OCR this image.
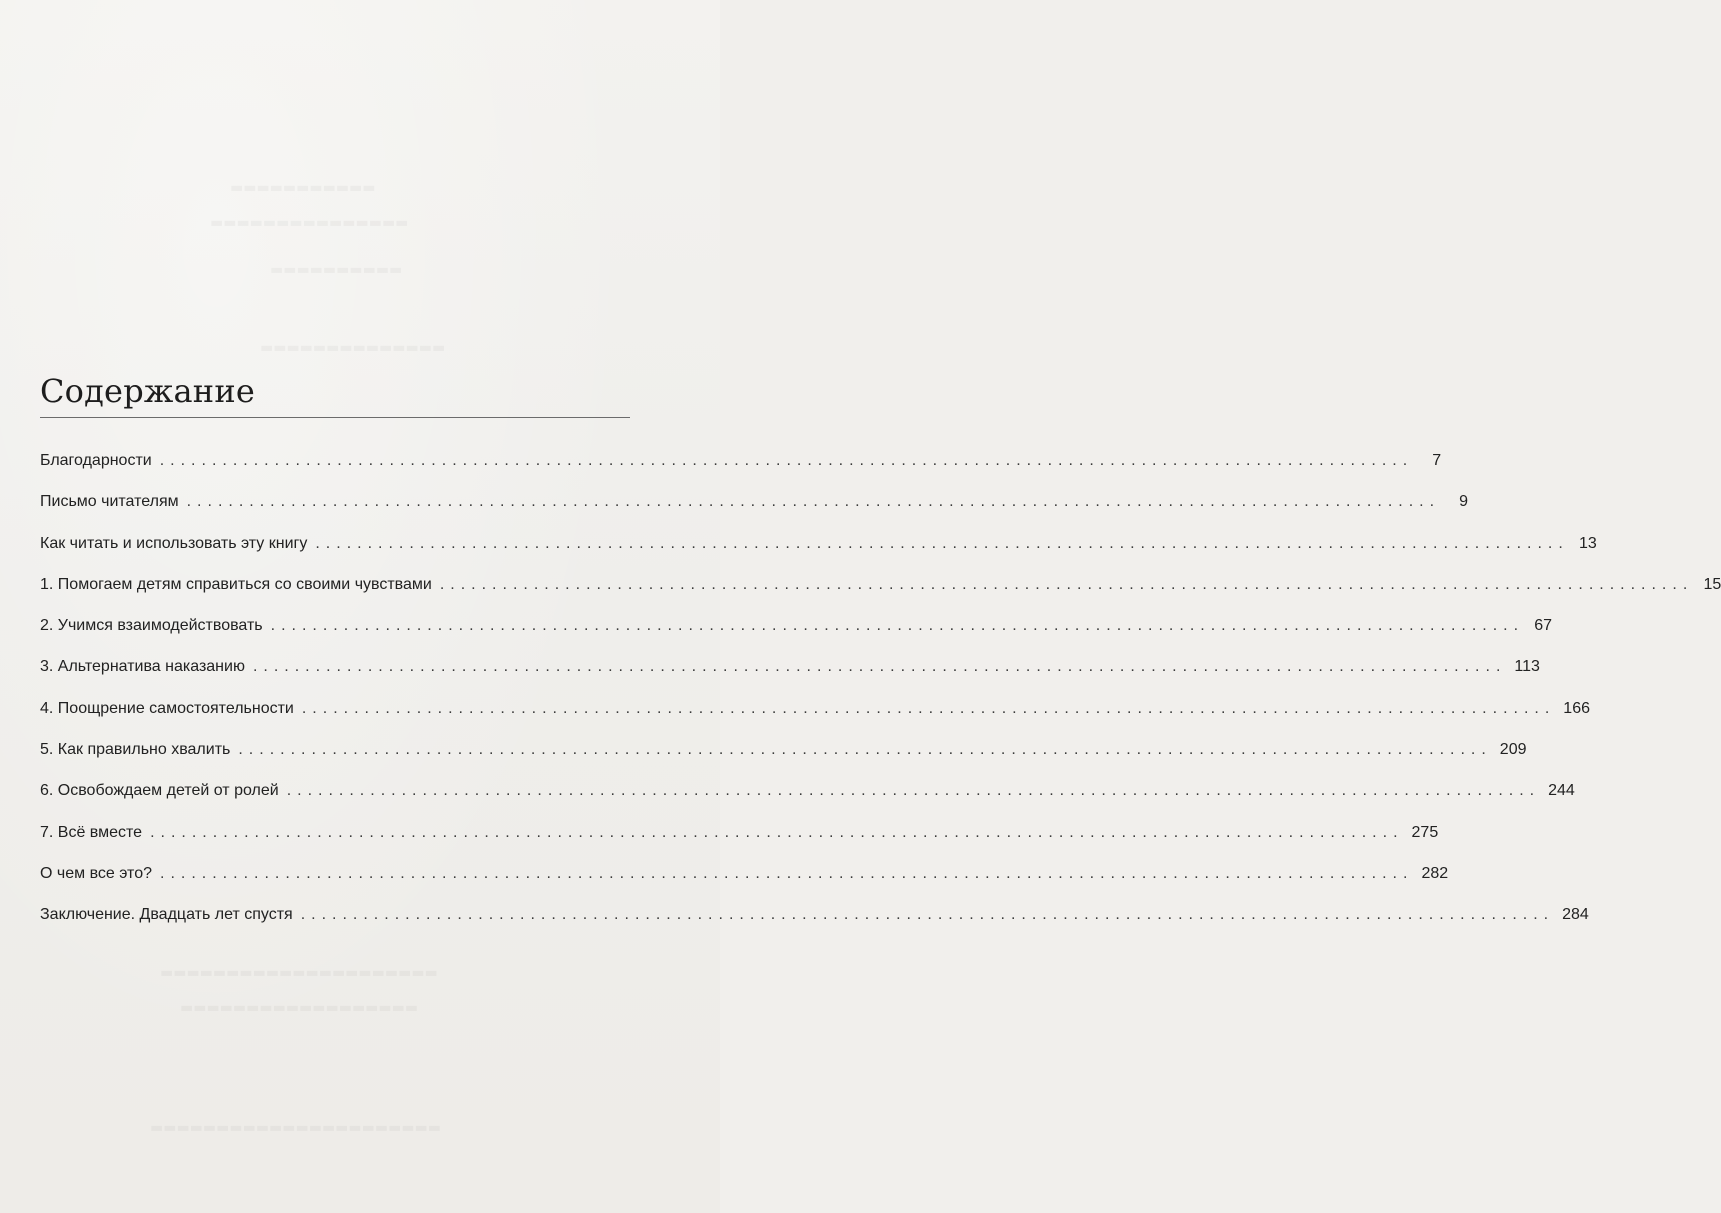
Содержание
Благодарности ........................................................................................................................	7
Письмо читателям ........................................................................................................................	9
Как читать и использовать эту книгу ........................................................................................................................ 13
1. Помогаем детям справиться со своими чувствами ........................................................................................................................ 15
2. Учимся взаимодействовать ........................................................................................................................ 67
3. Альтернатива наказанию ........................................................................................................................ 113
4. Поощрение самостоятельности ........................................................................................................................ 166
5. Как правильно хвалить ........................................................................................................................ 209
6. Освобождаем детей от ролей ........................................................................................................................ 244
7. Всё вместе ........................................................................................................................ 275
О чем все это? ........................................................................................................................ 282
Заключение. Двадцать лет спустя ........................................................................................................................ 284
